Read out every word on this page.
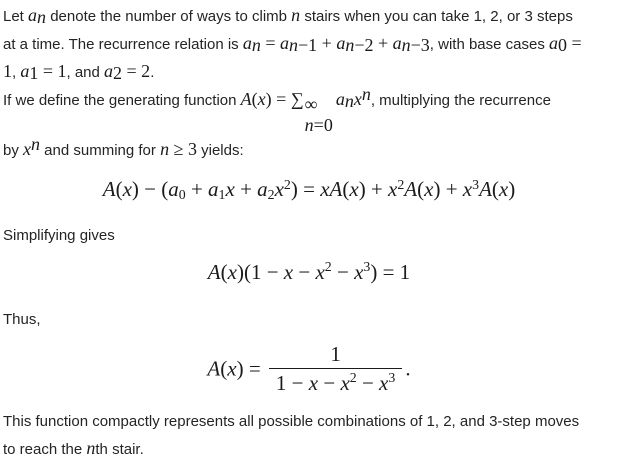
Let $a_n$ denote the number of ways to climb n stairs when you can take 1, 2, or 3 steps
at a time. The recurrence relation is $a_n = a_{n-1} + a_{n-2} + a_{n-3}$, with base cases $a_0$ =
1, $a_1 = 1$, and $a_2 = 2$.
If we define the generating function A(x) = ∑ ∞
n=0
$a_nx^n$, multiplying the recurrence
by $x^n$ and summing for n ≥ 3 yields:
$A(x) - (a_0 + a_1x + a_2x^2) = xA(x) + x^2A(x) + x^3A(x)$
Simplifying gives
$A(x)(1 - x - x^2 - x^3) = 1$
Thus,
$A(x) = \frac{1}{1 - x - x^2 - x^3}$ .
This function compactly represents all possible combinations of 1, 2, and 3-step moves
to reach the nth stair.
